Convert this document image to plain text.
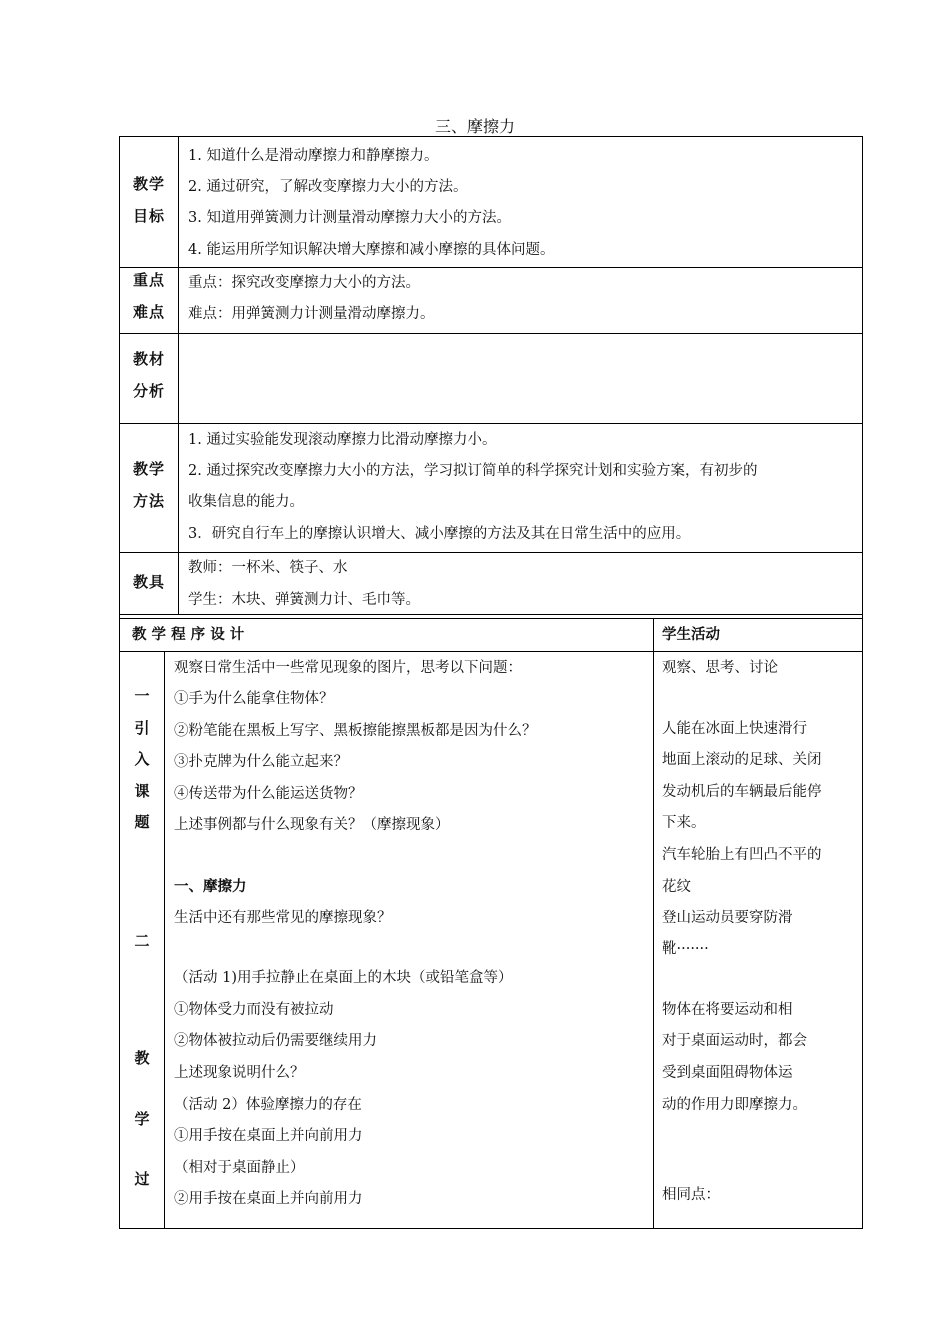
三、摩擦力
教学
目标
1. 知道什么是滑动摩擦力和静摩擦力。
2. 通过研究，了解改变摩擦力大小的方法。
3. 知道用弹簧测力计测量滑动摩擦力大小的方法。
4. 能运用所学知识解决增大摩擦和减小摩擦的具体问题。
重点
难点
重点：探究改变摩擦力大小的方法。
难点：用弹簧测力计测量滑动摩擦力。
教材
分析
教学
方法
1. 通过实验能发现滚动摩擦力比滑动摩擦力小。
2. 通过探究改变摩擦力大小的方法，学习拟订简单的科学探究计划和实验方案，有初步的
收集信息的能力。
3．研究自行车上的摩擦认识增大、减小摩擦的方法及其在日常生活中的应用。
教具
教师：一杯米、筷子、水
学生：木块、弹簧测力计、毛巾等。
教 学 程 序 设 计	学生活动
一
引
入
课
题
二
教
学
过
观察日常生活中一些常见现象的图片，思考以下问题：
①手为什么能拿住物体？
②粉笔能在黑板上写字、黑板擦能擦黑板都是因为什么？
③扑克牌为什么能立起来？
④传送带为什么能运送货物？
上述事例都与什么现象有关？（摩擦现象）
一、摩擦力
生活中还有那些常见的摩擦现象？
（活动 1)用手拉静止在桌面上的木块（或铅笔盒等）
①物体受力而没有被拉动
②物体被拉动后仍需要继续用力
上述现象说明什么？
（活动 2）体验摩擦力的存在
①用手按在桌面上并向前用力
（相对于桌面静止）
②用手按在桌面上并向前用力
观察、思考、讨论
人能在冰面上快速滑行
地面上滚动的足球、关闭
发动机后的车辆最后能停
下来。
汽车轮胎上有凹凸不平的
花纹
登山运动员要穿防滑
靴·······
物体在将要运动和相
对于桌面运动时，都会
受到桌面阻碍物体运
动的作用力即摩擦力。
相同点：
